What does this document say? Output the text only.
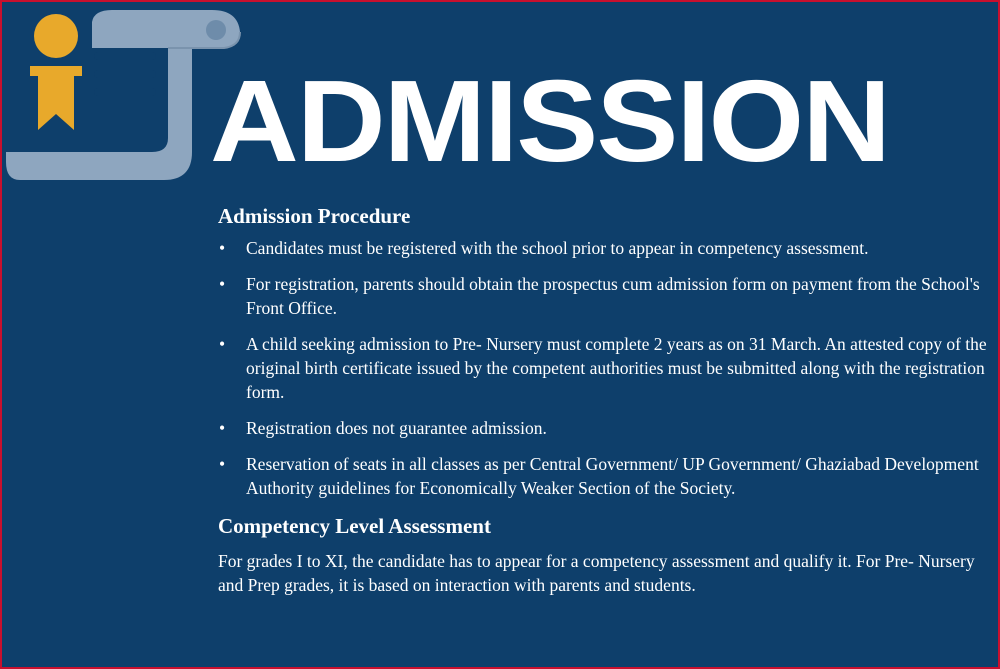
ADMISSION
Admission Procedure
• Candidates must be registered with the school prior to appear in competency assessment.
• For registration, parents should obtain the prospectus cum admission form on payment from the School's Front Office.
• A child seeking admission to Pre- Nursery must complete 2 years as on 31 March. An attested copy of the original birth certificate issued by the competent authorities must be submitted along with the registration form.
• Registration does not guarantee admission.
• Reservation of seats in all classes as per Central Government/ UP Government/ Ghaziabad Development Authority guidelines for Economically Weaker Section of the Society.
Competency Level Assessment

For grades I to XI, the candidate has to appear for a competency assessment and qualify it. For Pre- Nursery and Prep grades, it is based on interaction with parents and students.
